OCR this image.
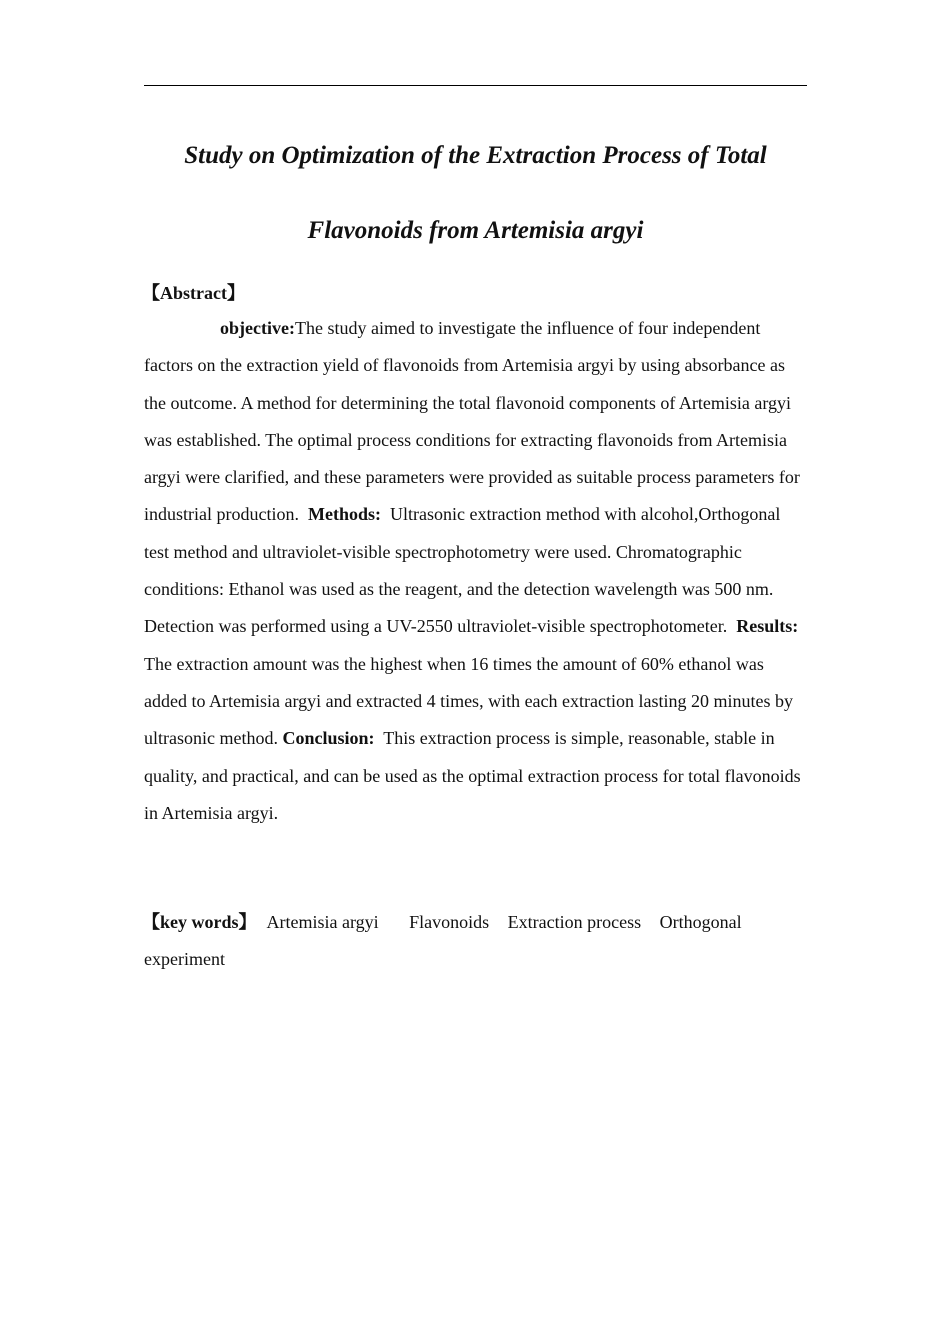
Study on Optimization of the Extraction Process of Total
Flavonoids from Artemisia argyi

【Abstract】

objective:The study aimed to investigate the influence of four independent factors on the extraction yield of flavonoids from Artemisia argyi by using absorbance as the outcome. A method for determining the total flavonoid components of Artemisia argyi was established. The optimal process conditions for extracting flavonoids from Artemisia argyi were clarified, and these parameters were provided as suitable process parameters for industrial production. Methods: Ultrasonic extraction method with alcohol,Orthogonal test method and ultraviolet-visible spectrophotometry were used. Chromatographic conditions: Ethanol was used as the reagent, and the detection wavelength was 500 nm. Detection was performed using a UV-2550 ultraviolet-visible spectrophotometer. Results:  The extraction amount was the highest when 16 times the amount of 60% ethanol was added to Artemisia argyi and extracted 4 times, with each extraction lasting 20 minutes by ultrasonic method. Conclusion: This extraction process is simple, reasonable, stable in quality, and practical, and can be used as the optimal extraction process for total flavonoids in Artemisia argyi.

【key words】 Artemisia argyi Flavonoids Extraction process Orthogonal experiment
